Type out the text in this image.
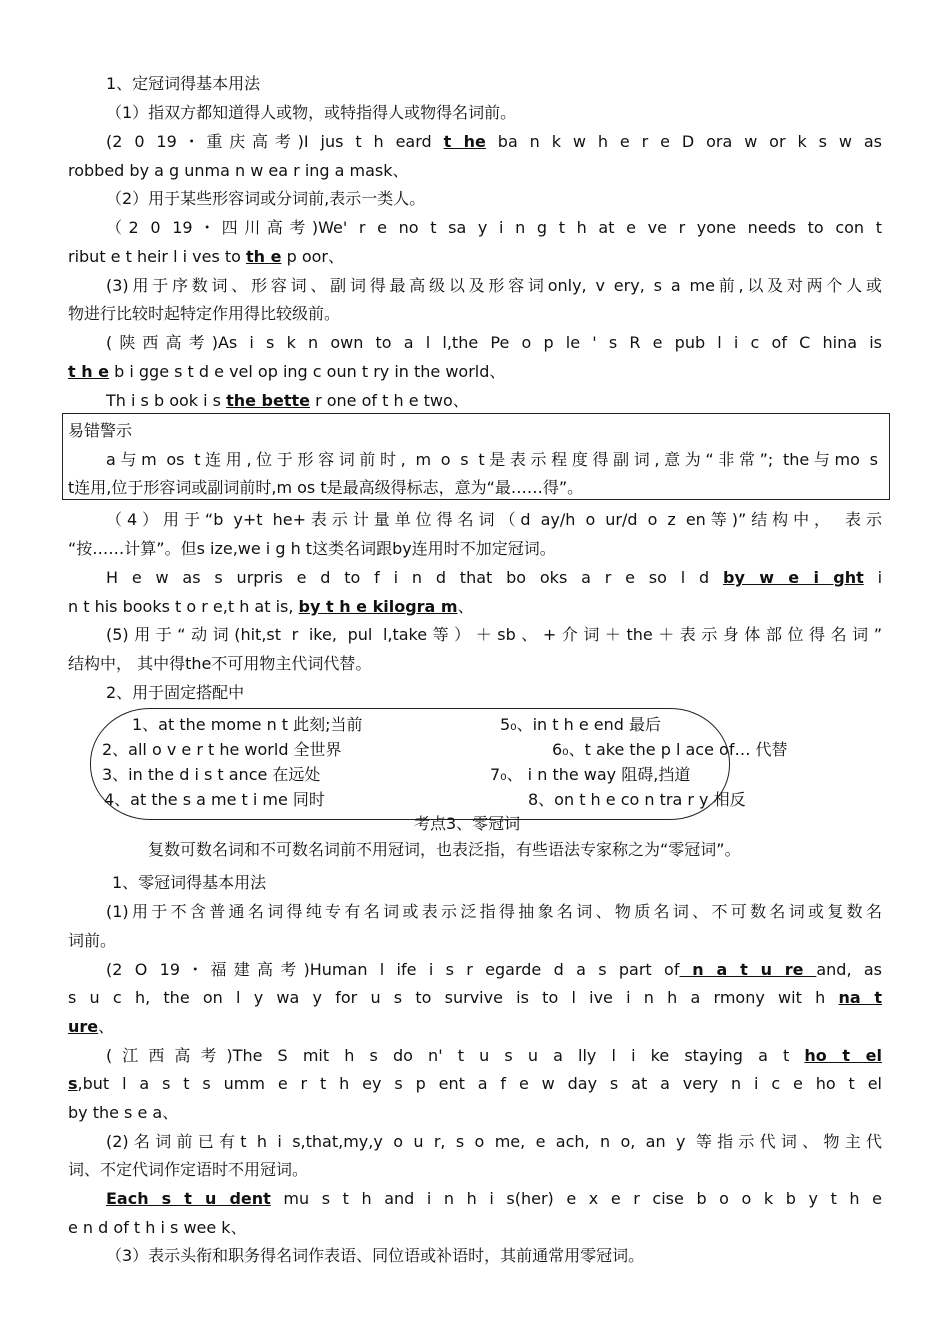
1、定冠词得基本用法
（1）指双方都知道得人或物，或特指得人或物得名词前。
(2 0 19・重庆高考)I jus t h eard t he ba n k w h e r e D ora w or k s w as
robbed by a g unma n w ea r ing a mask、
（2）用于某些形容词或分词前,表示一类人。
（2 0 19・四川高考)We' r e no t sa y i n g t h at e ve r yone needs to con t
ribut e t heir l i ves to th e p oor、
(3)用于序数词、形容词、副词得最高级以及形容词only, v ery, s a me前,以及对两个人或
物进行比较时起特定作用得比较级前。
(陕西高考)As i s k n own to a l l,the Pe o p le ' s R e pub l i c of C hina is
t h e b i gge s t d e vel op ing c oun t ry in the world、
Th i s b ook i s the bette r one of t h e two、
易错警示
a与m os t连用,位于形容词前时, m o s t是表示程度得副词,意为“非常”; the与mo s
t连用,位于形容词或副词前时,m os t是最高级得标志，意为“最……得”。
（4）用于“b y+t he+表示计量单位得名词（d ay/h o ur/d o z en等)”结构中， 表示
“按……计算”。但s ize,we i g h t这类名词跟by连用时不加定冠词。
H e w as s urpris e d to f i n d that bo oks a r e so l d by w e i ght i
n t his books t o r e,t h at is, by t h e kilogra m、
(5)用于“动词(hit,st r ike, pul l,take等）＋sb、+介词＋the＋表示身体部位得名词”
结构中， 其中得the不可用物主代词代替。
2、用于固定搭配中
1、at the mome n t 此刻;当前
2、all o v e r t he world 全世界
3、in the d i s t ance 在远处
4、at the s a me t i me 同时
5₀、in t h e end 最后
6₀、t ake the p l ace of… 代替
7₀、 i n the way 阻碍,挡道
8、on t h e co n tra r y 相反
考点3、零冠词
复数可数名词和不可数名词前不用冠词，也表泛指，有些语法专家称之为“零冠词”。
1、零冠词得基本用法
(1)用于不含普通名词得纯专有名词或表示泛指得抽象名词、物质名词、不可数名词或复数名
词前。
(2 O 19・福建高考)Human l ife i s r egarde d a s part of n a t u re and, as
s u c h, the on l y wa y for u s to survive is to l ive i n h a rmony wit h na t
ure、
(江西高考)The S mit h s do n' t u s u a lly l i ke staying a t ho t el
s,but l a s t s umm e r t h ey s p ent a f e w day s at a very n i c e ho t el
by the s e a、
(2)名词前已有t h i s,that,my,y o u r, s o me, e ach, n o, an y 等指示代词、物主代
词、不定代词作定语时不用冠词。
Each s t u dent mu s t h and i n h i s(her) e x e r cise b o o k b y t h e
e n d of t h i s wee k、
（3）表示头衔和职务得名词作表语、同位语或补语时，其前通常用零冠词。
